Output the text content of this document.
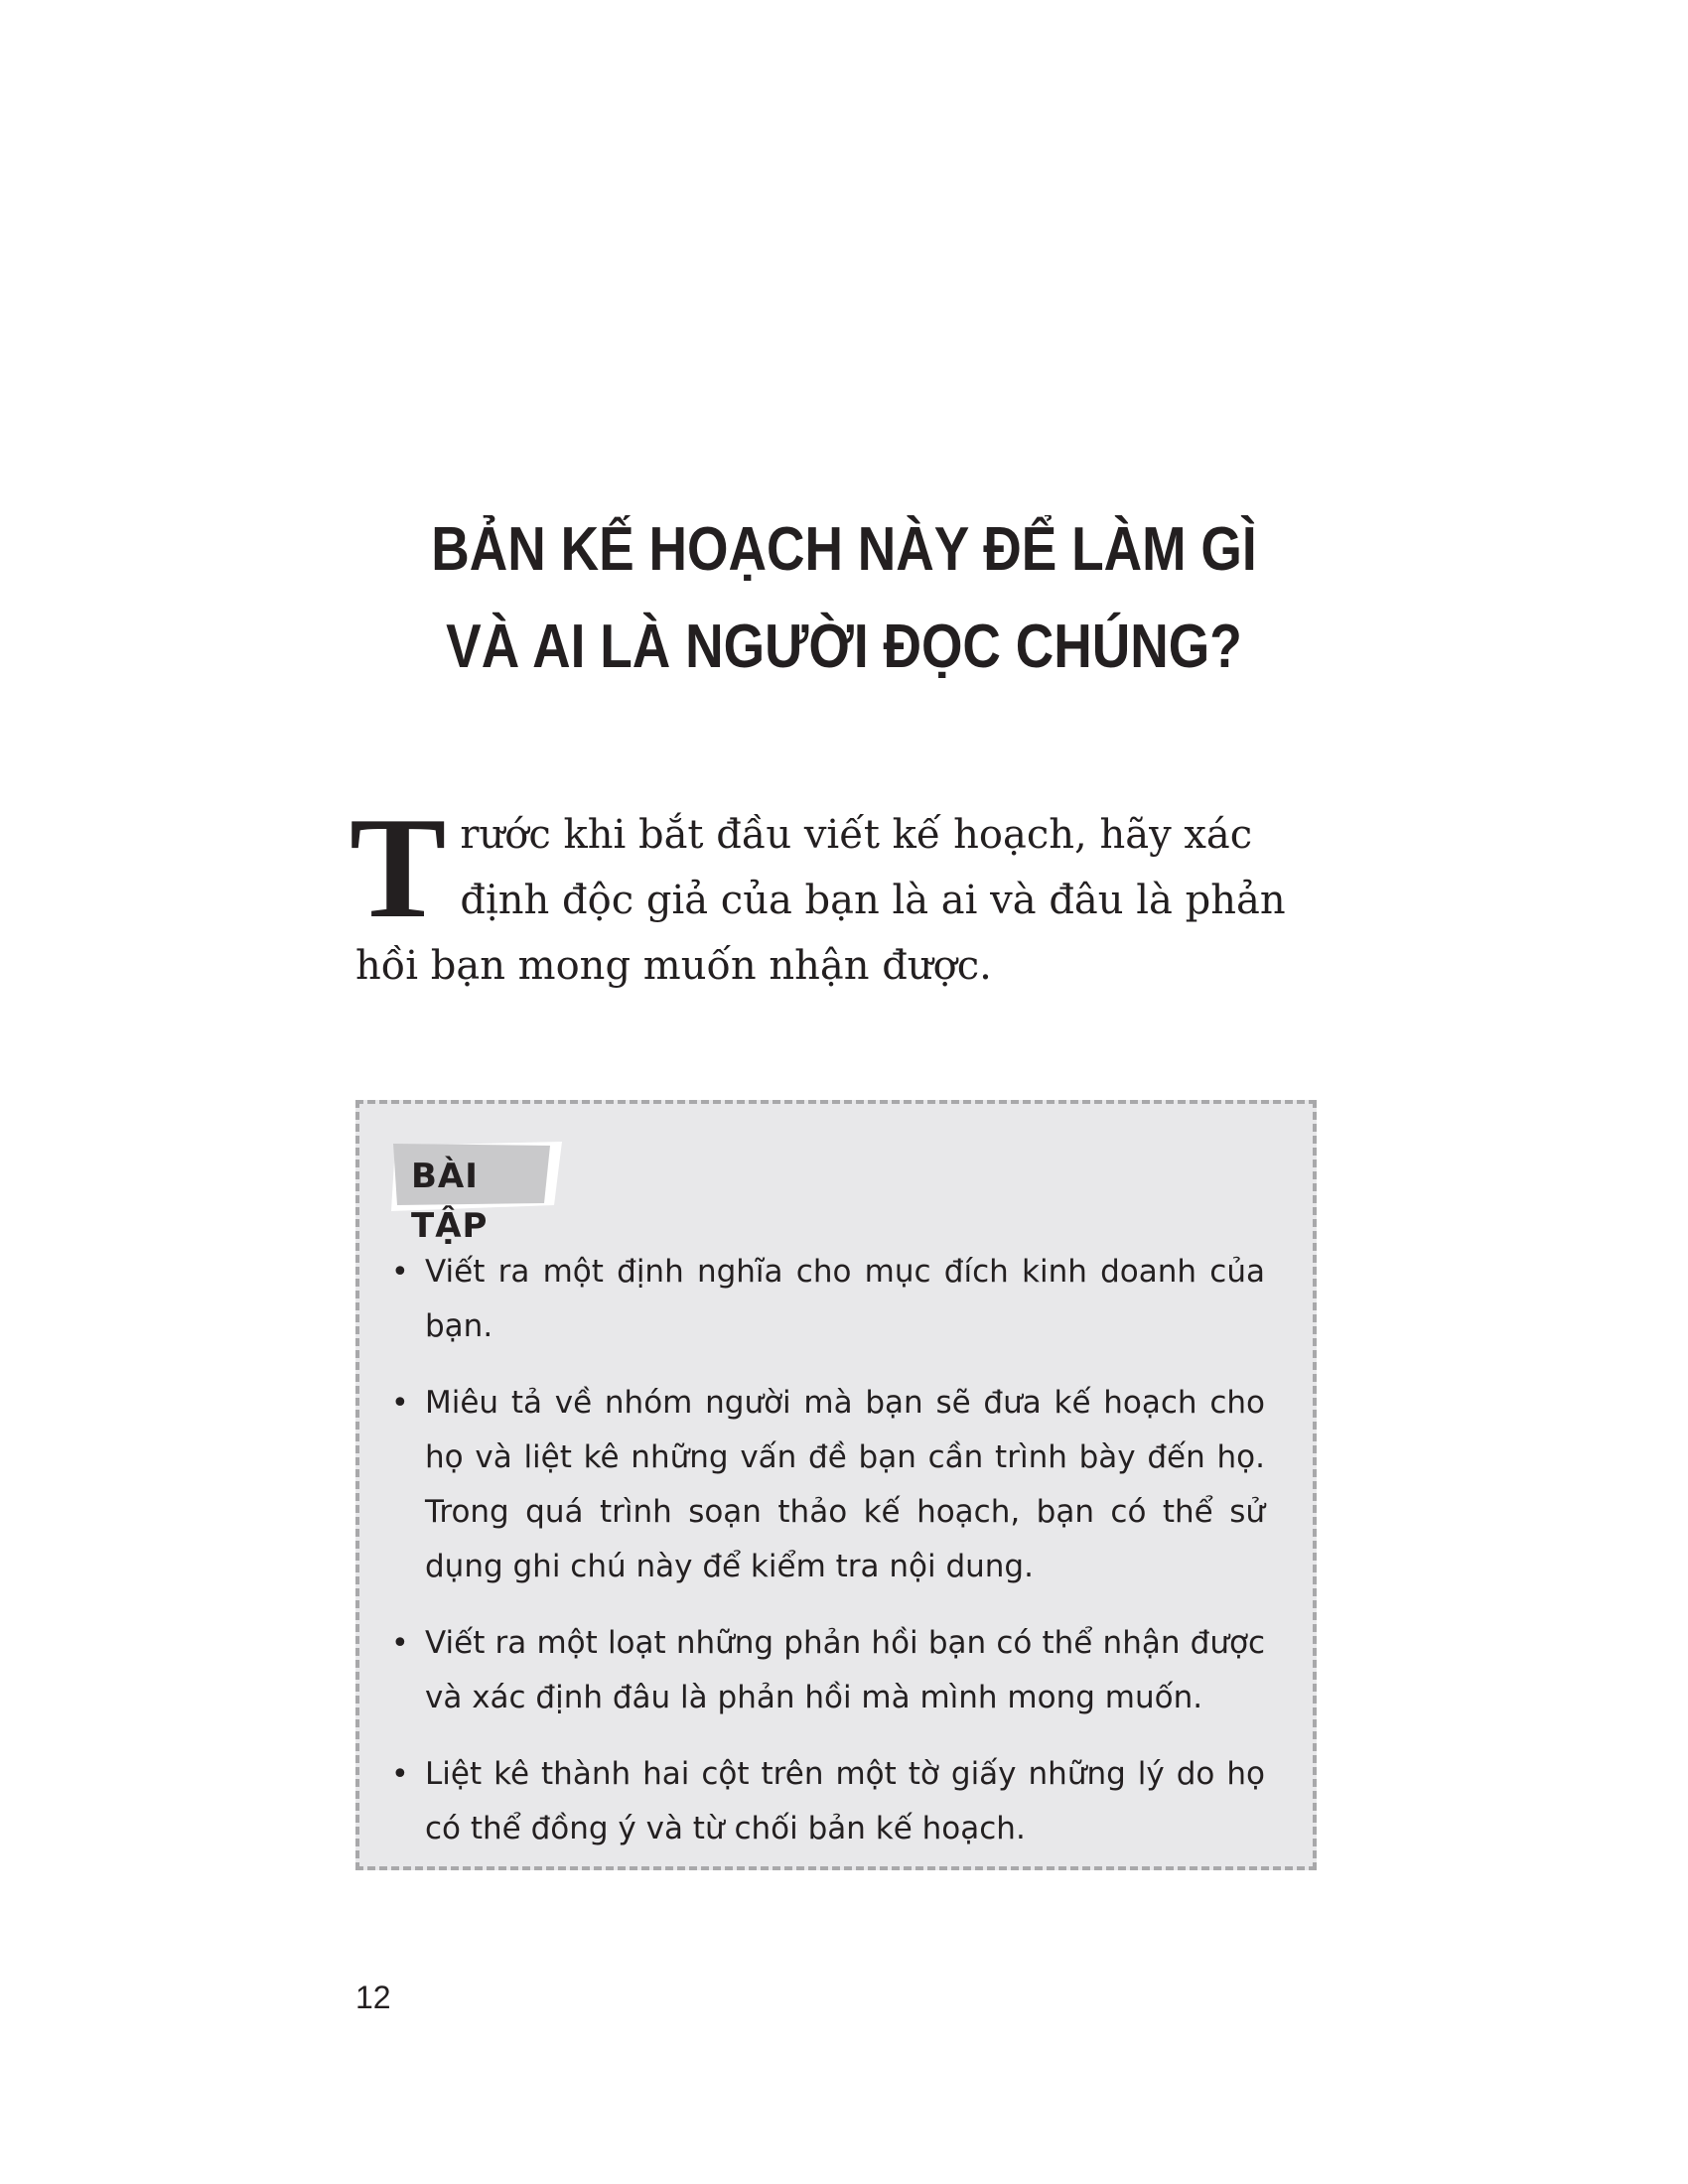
BẢN KẾ HOẠCH NÀY ĐỂ LÀM GÌ
VÀ AI LÀ NGƯỜI ĐỌC CHÚNG?

Trước khi bắt đầu viết kế hoạch, hãy xác định độc giả của bạn là ai và đâu là phản hồi bạn mong muốn nhận được.

BÀI TẬP
• Viết ra một định nghĩa cho mục đích kinh doanh của bạn.
• Miêu tả về nhóm người mà bạn sẽ đưa kế hoạch cho họ và liệt kê những vấn đề bạn cần trình bày đến họ. Trong quá trình soạn thảo kế hoạch, bạn có thể sử dụng ghi chú này để kiểm tra nội dung.
• Viết ra một loạt những phản hồi bạn có thể nhận được và xác định đâu là phản hồi mà mình mong muốn.
• Liệt kê thành hai cột trên một tờ giấy những lý do họ có thể đồng ý và từ chối bản kế hoạch.
12
